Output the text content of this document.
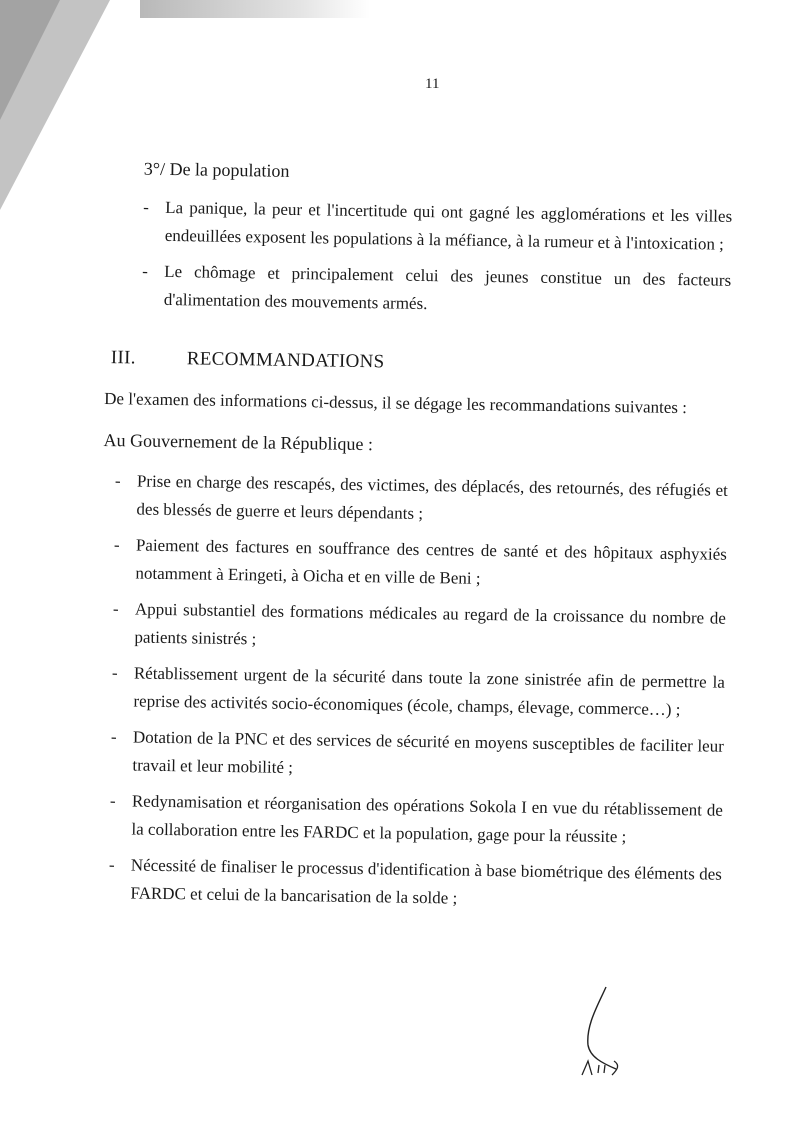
11
3°/ De la population
- La panique, la peur et l'incertitude qui ont gagné les agglomérations et les villes endeuillées exposent les populations à la méfiance, à la rumeur et à l'intoxication ;
- Le chômage et principalement celui des jeunes constitue un des facteurs d'alimentation des mouvements armés.
III.	RECOMMANDATIONS

De l'examen des informations ci-dessus, il se dégage les recommandations suivantes :

Au Gouvernement de la République :
- Prise en charge des rescapés, des victimes, des déplacés, des retournés, des réfugiés et des blessés de guerre et leurs dépendants ;
- Paiement des factures en souffrance des centres de santé et des hôpitaux asphyxiés notamment à Eringeti, à Oicha et en ville de Beni ;
- Appui substantiel des formations médicales au regard de la croissance du nombre de patients sinistrés ;
- Rétablissement urgent de la sécurité dans toute la zone sinistrée afin de permettre la reprise des activités socio-économiques (école, champs, élevage, commerce…) ;
- Dotation de la PNC et des services de sécurité en moyens susceptibles de faciliter leur travail et leur mobilité ;
- Redynamisation et réorganisation des opérations Sokola I en vue du rétablissement de la collaboration entre les FARDC et la population, gage pour la réussite ;
- Nécessité de finaliser le processus d'identification à base biométrique des éléments des FARDC et celui de la bancarisation de la solde ;
